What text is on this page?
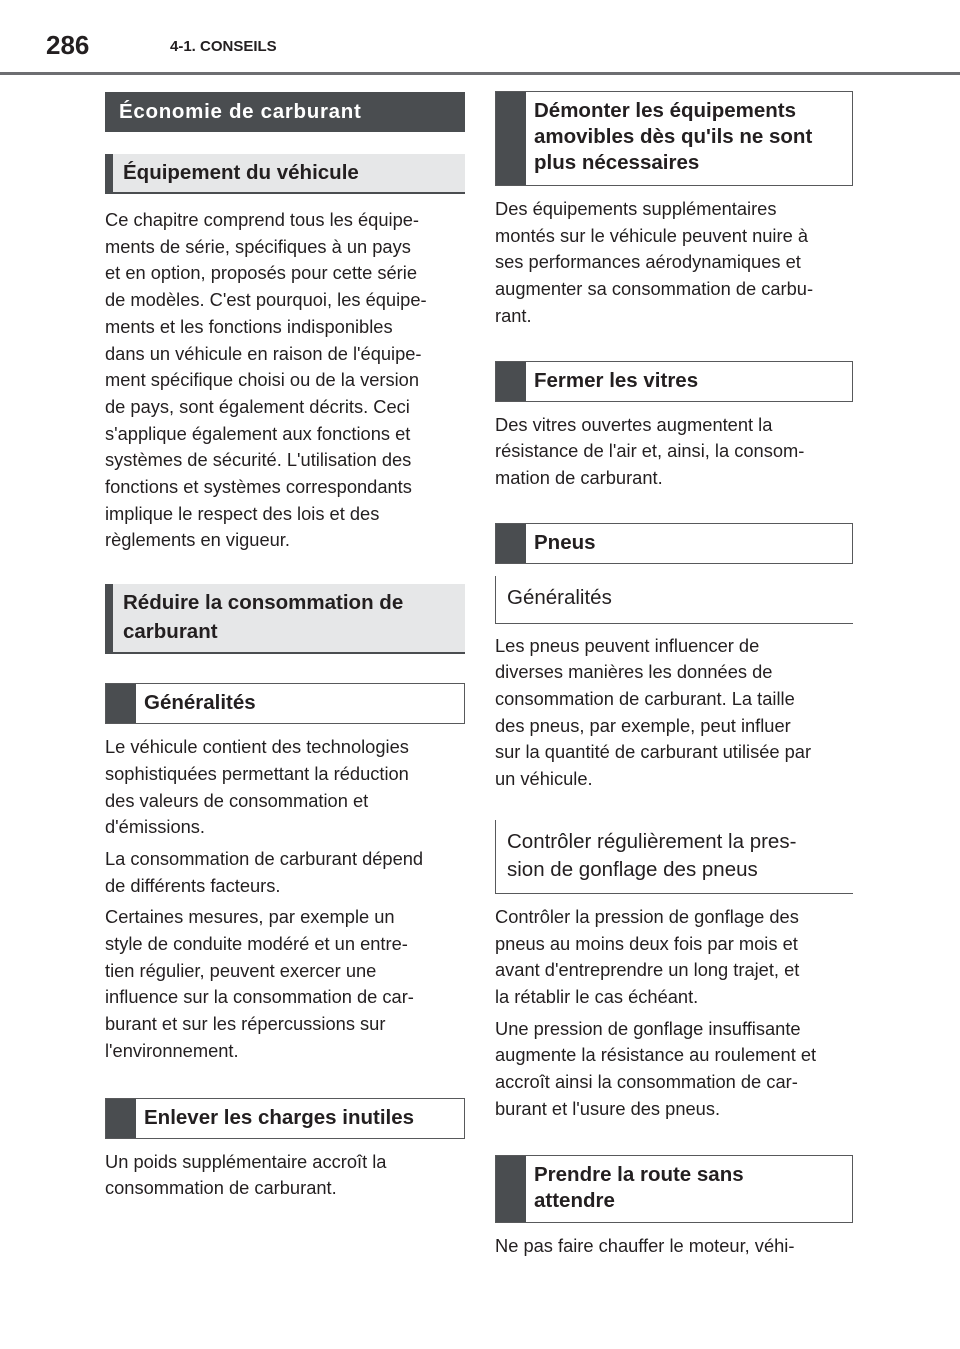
286	4-1. CONSEILS
Économie de carburant
Équipement du véhicule

Ce chapitre comprend tous les équipe-
ments de série, spécifiques à un pays
et en option, proposés pour cette série
de modèles. C'est pourquoi, les équipe-
ments et les fonctions indisponibles
dans un véhicule en raison de l'équipe-
ment spécifique choisi ou de la version
de pays, sont également décrits. Ceci
s'applique également aux fonctions et
systèmes de sécurité. L'utilisation des
fonctions et systèmes correspondants
implique le respect des lois et des
règlements en vigueur.

Réduire la consommation de
carburant
Généralités

Le véhicule contient des technologies
sophistiquées permettant la réduction
des valeurs de consommation et
d'émissions.

La consommation de carburant dépend
de différents facteurs.

Certaines mesures, par exemple un
style de conduite modéré et un entre-
tien régulier, peuvent exercer une
influence sur la consommation de car-
burant et sur les répercussions sur
l'environnement.

Enlever les charges inutiles

Un poids supplémentaire accroît la
consommation de carburant.

Démonter les équipements
amovibles dès qu'ils ne sont
plus nécessaires

Des équipements supplémentaires
montés sur le véhicule peuvent nuire à
ses performances aérodynamiques et
augmenter sa consommation de carbu-
rant.

Fermer les vitres

Des vitres ouvertes augmentent la
résistance de l'air et, ainsi, la consom-
mation de carburant.

Pneus
Généralités

Les pneus peuvent influencer de
diverses manières les données de
consommation de carburant. La taille
des pneus, par exemple, peut influer
sur la quantité de carburant utilisée par
un véhicule.

Contrôler régulièrement la pres-
sion de gonflage des pneus

Contrôler la pression de gonflage des
pneus au moins deux fois par mois et
avant d'entreprendre un long trajet, et
la rétablir le cas échéant.

Une pression de gonflage insuffisante
augmente la résistance au roulement et
accroît ainsi la consommation de car-
burant et l'usure des pneus.

Prendre la route sans
attendre

Ne pas faire chauffer le moteur, véhi-
